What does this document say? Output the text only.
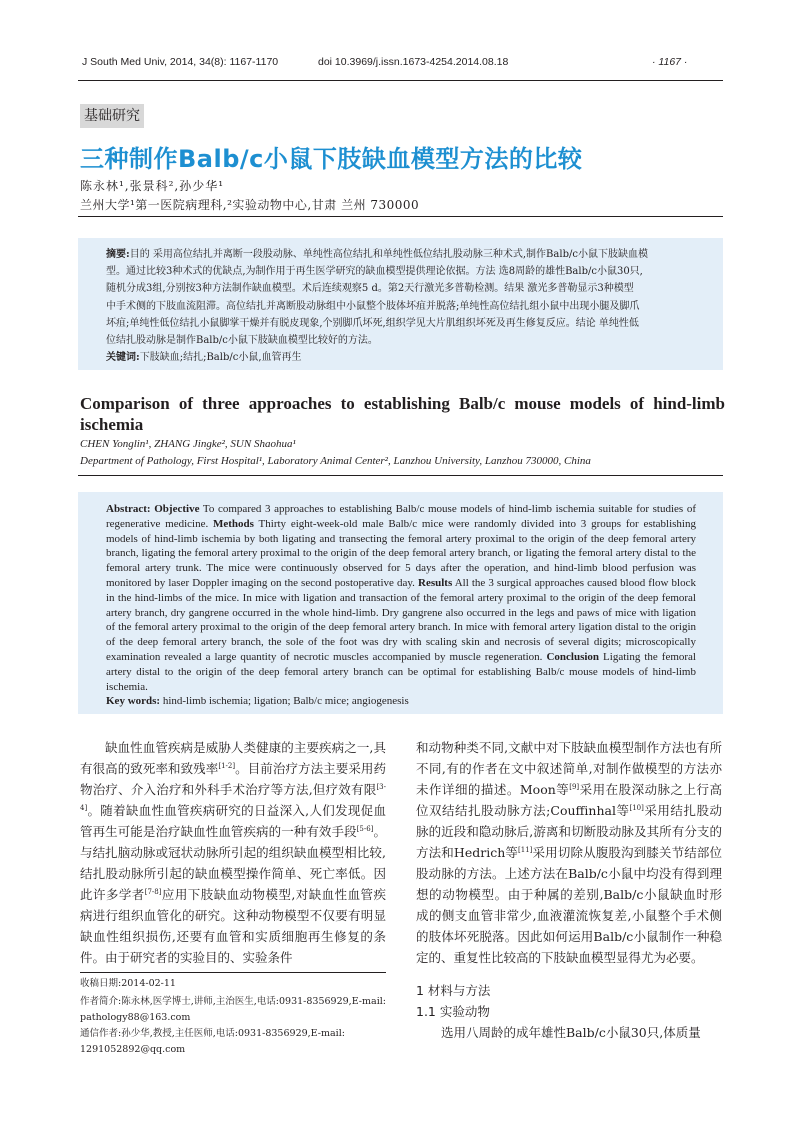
J South Med Univ, 2014, 34(8): 1167-1170	doi 10.3969/j.issn.1673-4254.2014.08.18	· 1167 ·
基础研究
三种制作Balb/c小鼠下肢缺血模型方法的比较
陈永林¹,张景科²,孙少华¹
兰州大学¹第一医院病理科,²实验动物中心,甘肃 兰州 730000
摘要:目的 采用高位结扎并离断一段股动脉、单纯性高位结扎和单纯性低位结扎股动脉三种术式,制作Balb/c小鼠下肢缺血模
型。通过比较3种术式的优缺点,为制作用于再生医学研究的缺血模型提供理论依据。方法 选8周龄的雄性Balb/c小鼠30只,
随机分成3组,分别按3种方法制作缺血模型。术后连续观察5 d。第2天行激光多普勒检测。结果 激光多普勒显示3种模型
中手术侧的下肢血流阻滞。高位结扎并离断股动脉组中小鼠整个肢体坏疽并脱落;单纯性高位结扎组小鼠中出现小腿及脚爪
坏疽;单纯性低位结扎小鼠脚掌干燥并有脱皮现象,个别脚爪坏死,组织学见大片肌组织坏死及再生修复反应。结论 单纯性低
位结扎股动脉是制作Balb/c小鼠下肢缺血模型比较好的方法。
关键词:下肢缺血;结扎;Balb/c小鼠,血管再生
Comparison of three approaches to establishing Balb/c mouse models of hind-limb ischemia
CHEN Yonglin¹, ZHANG Jingke², SUN Shaohua¹
Department of Pathology, First Hospital¹, Laboratory Animal Center², Lanzhou University, Lanzhou 730000, China
Abstract: Objective To compared 3 approaches to establishing Balb/c mouse models of hind-limb ischemia suitable for studies of regenerative medicine. Methods Thirty eight-week-old male Balb/c mice were randomly divided into 3 groups for establishing models of hind-limb ischemia by both ligating and transecting the femoral artery proximal to the origin of the deep femoral artery branch, ligating the femoral artery proximal to the origin of the deep femoral artery branch, or ligating the femoral artery distal to the femoral artery trunk. The mice were continuously observed for 5 days after the operation, and hind-limb blood perfusion was monitored by laser Doppler imaging on the second postoperative day. Results All the 3 surgical approaches caused blood flow block in the hind-limbs of the mice. In mice with ligation and transaction of the femoral artery proximal to the origin of the deep femoral artery branch, dry gangrene occurred in the whole hind-limb. Dry gangrene also occurred in the legs and paws of mice with ligation of the femoral artery proximal to the origin of the deep femoral artery branch. In mice with femoral artery ligation distal to the origin of the deep femoral artery branch, the sole of the foot was dry with scaling skin and necrosis of several digits; microscopically examination revealed a large quantity of necrotic muscles accompanied by muscle regeneration. Conclusion Ligating the femoral artery distal to the origin of the deep femoral artery branch can be optimal for establishing Balb/c mouse models of hind-limb ischemia.
Key words: hind-limb ischemia; ligation; Balb/c mice; angiogenesis

缺血性血管疾病是威胁人类健康的主要疾病之一,具有很高的致死率和致残率[1-2]。目前治疗方法主要采用药物治疗、介入治疗和外科手术治疗等方法,但疗效有限[3-4]。随着缺血性血管疾病研究的日益深入,人们发现促血管再生可能是治疗缺血性血管疾病的一种有效手段[5-6]。与结扎脑动脉或冠状动脉所引起的组织缺血模型相比较,结扎股动脉所引起的缺血模型操作简单、死亡率低。因此许多学者[7-8]应用下肢缺血动物模型,对缺血性血管疾病进行组织血管化的研究。这种动物模型不仅要有明显缺血性组织损伤,还要有血管和实质细胞再生修复的条件。由于研究者的实验目的、实验条件

收稿日期:2014-02-11
作者简介:陈永林,医学博士,讲师,主治医生,电话:0931-8356929,E-mail: pathology88@163.com
通信作者:孙少华,教授,主任医师,电话:0931-8356929,E-mail: 1291052892@qq.com

和动物种类不同,文献中对下肢缺血模型制作方法也有所不同,有的作者在文中叙述简单,对制作做模型的方法亦未作详细的描述。Moon等[9]采用在股深动脉之上行高位双结结扎股动脉方法;Couffinhal等[10]采用结扎股动脉的近段和隐动脉后,游离和切断股动脉及其所有分支的方法和Hedrich等[11]采用切除从腹股沟到膝关节结部位股动脉的方法。上述方法在Balb/c小鼠中均没有得到理想的动物模型。由于种属的差别,Balb/c小鼠缺血时形成的侧支血管非常少,血液灌流恢复差,小鼠整个手术侧的肢体坏死脱落。因此如何运用Balb/c小鼠制作一种稳定的、重复性比较高的下肢缺血模型显得尤为必要。

1 材料与方法

1.1 实验动物

选用八周龄的成年雄性Balb/c小鼠30只,体质量
